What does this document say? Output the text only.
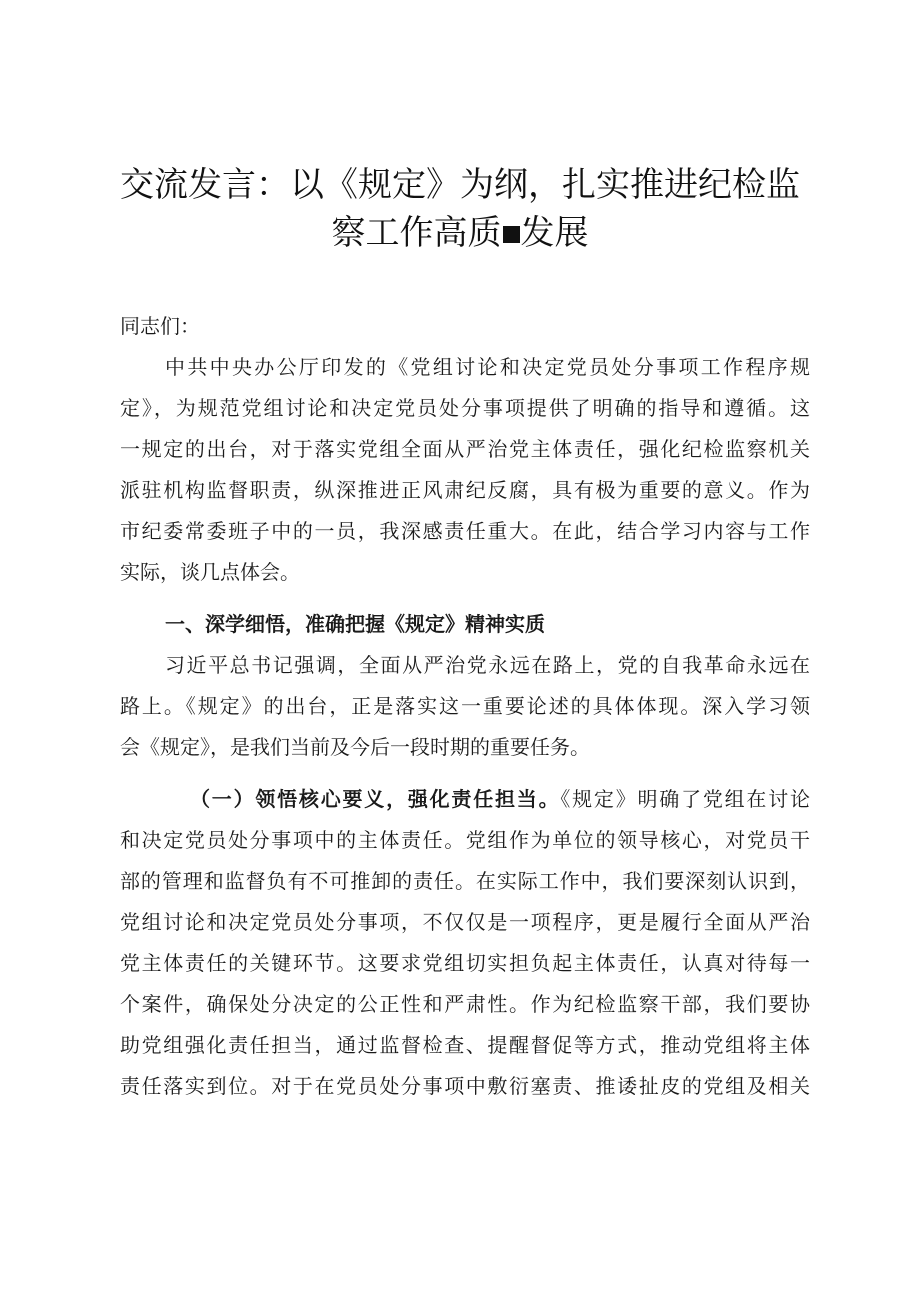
交流发言：以《规定》为纲，扎实推进纪检监
察工作高质 发展

同志们：

中共中央办公厅印发的《党组讨论和决定党员处分事项工作程序规

定》，为规范党组讨论和决定党员处分事项提供了明确的指导和遵循。这

一规定的出台，对于落实党组全面从严治党主体责任，强化纪检监察机关

派驻机构监督职责，纵深推进正风肃纪反腐，具有极为重要的意义。作为

市纪委常委班子中的一员，我深感责任重大。在此，结合学习内容与工作

实际，谈几点体会。

一、深学细悟，准确把握《规定》精神实质

习近平总书记强调，全面从严治党永远在路上，党的自我革命永远在

路上。《规定》的出台，正是落实这一重要论述的具体体现。深入学习领

会《规定》，是我们当前及今后一段时期的重要任务。

（一）领悟核心要义，强化责任担当。《规定》明确了党组在讨论

和决定党员处分事项中的主体责任。党组作为单位的领导核心，对党员干

部的管理和监督负有不可推卸的责任。在实际工作中，我们要深刻认识到，

党组讨论和决定党员处分事项，不仅仅是一项程序，更是履行全面从严治

党主体责任的关键环节。这要求党组切实担负起主体责任，认真对待每一

个案件，确保处分决定的公正性和严肃性。作为纪检监察干部，我们要协

助党组强化责任担当，通过监督检查、提醒督促等方式，推动党组将主体

责任落实到位。对于在党员处分事项中敷衍塞责、推诿扯皮的党组及相关
